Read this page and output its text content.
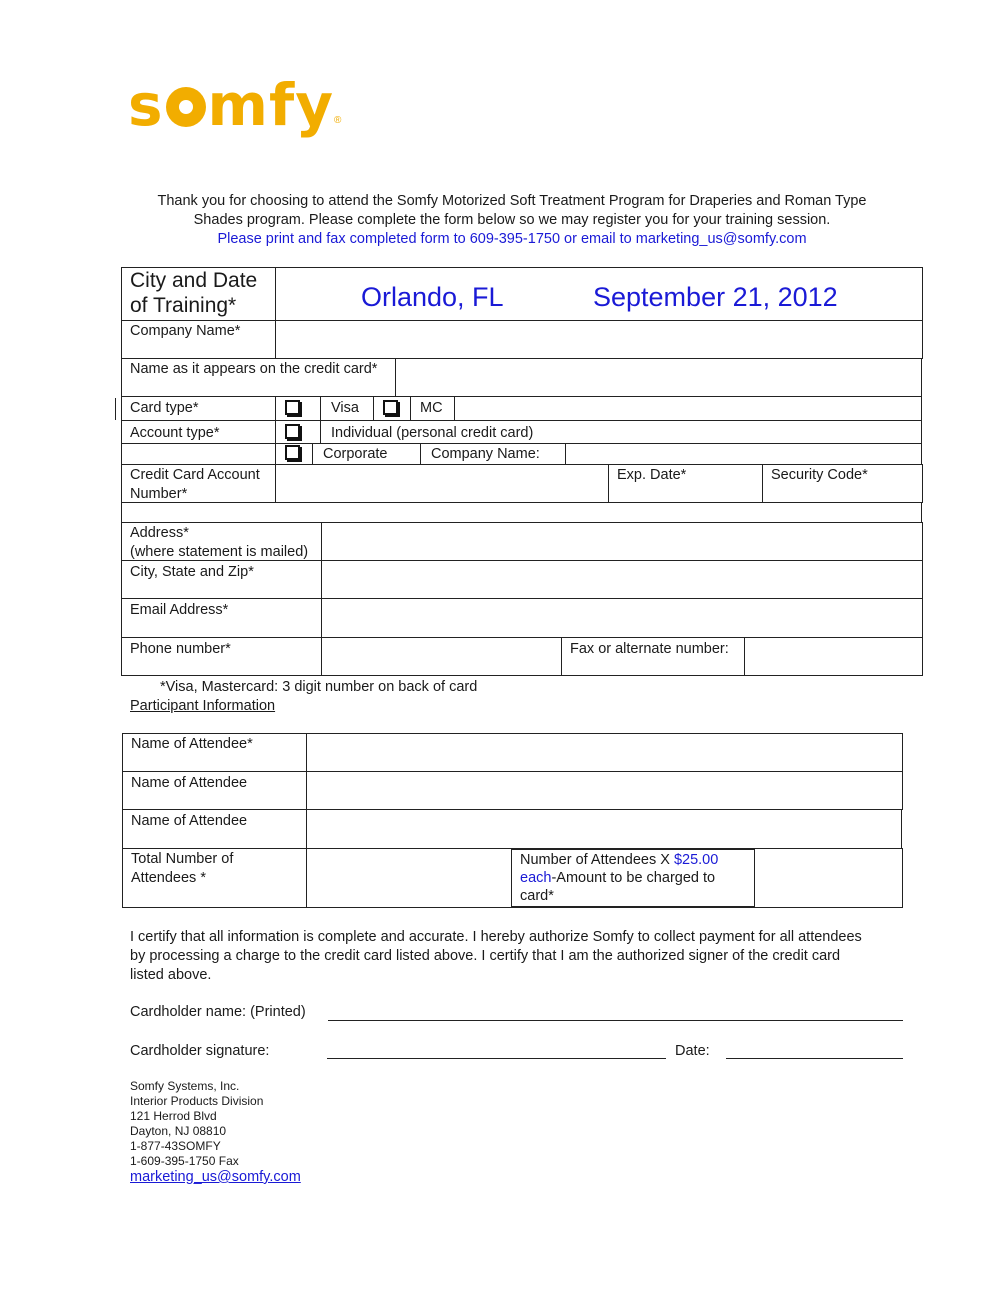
s mfy®
Thank you for choosing to attend the Somfy Motorized Soft Treatment Program for Draperies and Roman Type
Shades program. Please complete the form below so we may register you for your training session.
Please print and fax completed form to 609-395-1750 or email to marketing_us@somfy.com
City and Date
of Training*	Orlando, FL	September 21, 2012
Company Name*
Name as it appears on the credit card*
Card type*	Visa	MC
Account type*	Individual (personal credit card)
Corporate	Company Name:
Credit Card Account
Number*
Exp. Date*	Security Code*
Address*
(where statement is mailed)
City, State and Zip*
Email Address*
Phone number*	Fax or alternate number:
*Visa, Mastercard: 3 digit number on back of card
Participant Information
Name of Attendee*
Name of Attendee
Name of Attendee
Total Number of
Attendees *
Number of Attendees X $25.00
each-Amount to be charged to
card*
I certify that all information is complete and accurate. I hereby authorize Somfy to collect payment for all attendees
by processing a charge to the credit card listed above. I certify that I am the authorized signer of the credit card
listed above.
Cardholder name: (Printed)
Cardholder signature:	Date:
Somfy Systems, Inc.
Interior Products Division
121 Herrod Blvd
Dayton, NJ 08810
1-877-43SOMFY
1-609-395-1750 Fax
marketing_us@somfy.com
